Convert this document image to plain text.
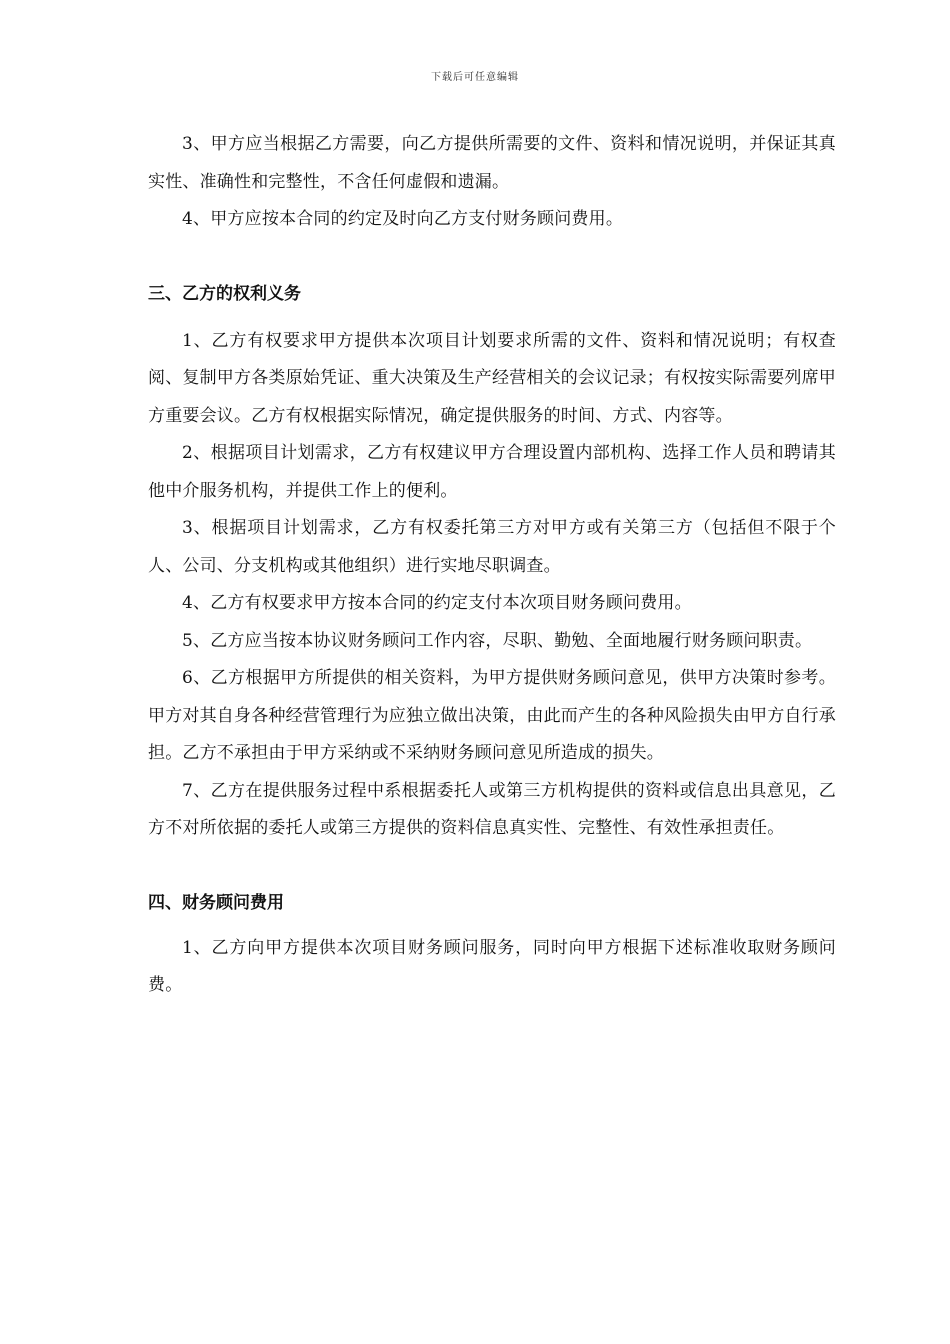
下载后可任意编辑

3、甲方应当根据乙方需要，向乙方提供所需要的文件、资料和情况说明，并保证其真实性、准确性和完整性，不含任何虚假和遗漏。

4、甲方应按本合同的约定及时向乙方支付财务顾问费用。

三、乙方的权利义务

1、乙方有权要求甲方提供本次项目计划要求所需的文件、资料和情况说明；有权查阅、复制甲方各类原始凭证、重大决策及生产经营相关的会议记录；有权按实际需要列席甲方重要会议。乙方有权根据实际情况，确定提供服务的时间、方式、内容等。

2、根据项目计划需求，乙方有权建议甲方合理设置内部机构、选择工作人员和聘请其他中介服务机构，并提供工作上的便利。

3、根据项目计划需求，乙方有权委托第三方对甲方或有关第三方（包括但不限于个人、公司、分支机构或其他组织）进行实地尽职调查。

4、乙方有权要求甲方按本合同的约定支付本次项目财务顾问费用。

5、乙方应当按本协议财务顾问工作内容，尽职、勤勉、全面地履行财务顾问职责。

6、乙方根据甲方所提供的相关资料，为甲方提供财务顾问意见，供甲方决策时参考。甲方对其自身各种经营管理行为应独立做出决策，由此而产生的各种风险损失由甲方自行承担。乙方不承担由于甲方采纳或不采纳财务顾问意见所造成的损失。

7、乙方在提供服务过程中系根据委托人或第三方机构提供的资料或信息出具意见，乙方不对所依据的委托人或第三方提供的资料信息真实性、完整性、有效性承担责任。

四、财务顾问费用

1、乙方向甲方提供本次项目财务顾问服务，同时向甲方根据下述标准收取财务顾问费。
